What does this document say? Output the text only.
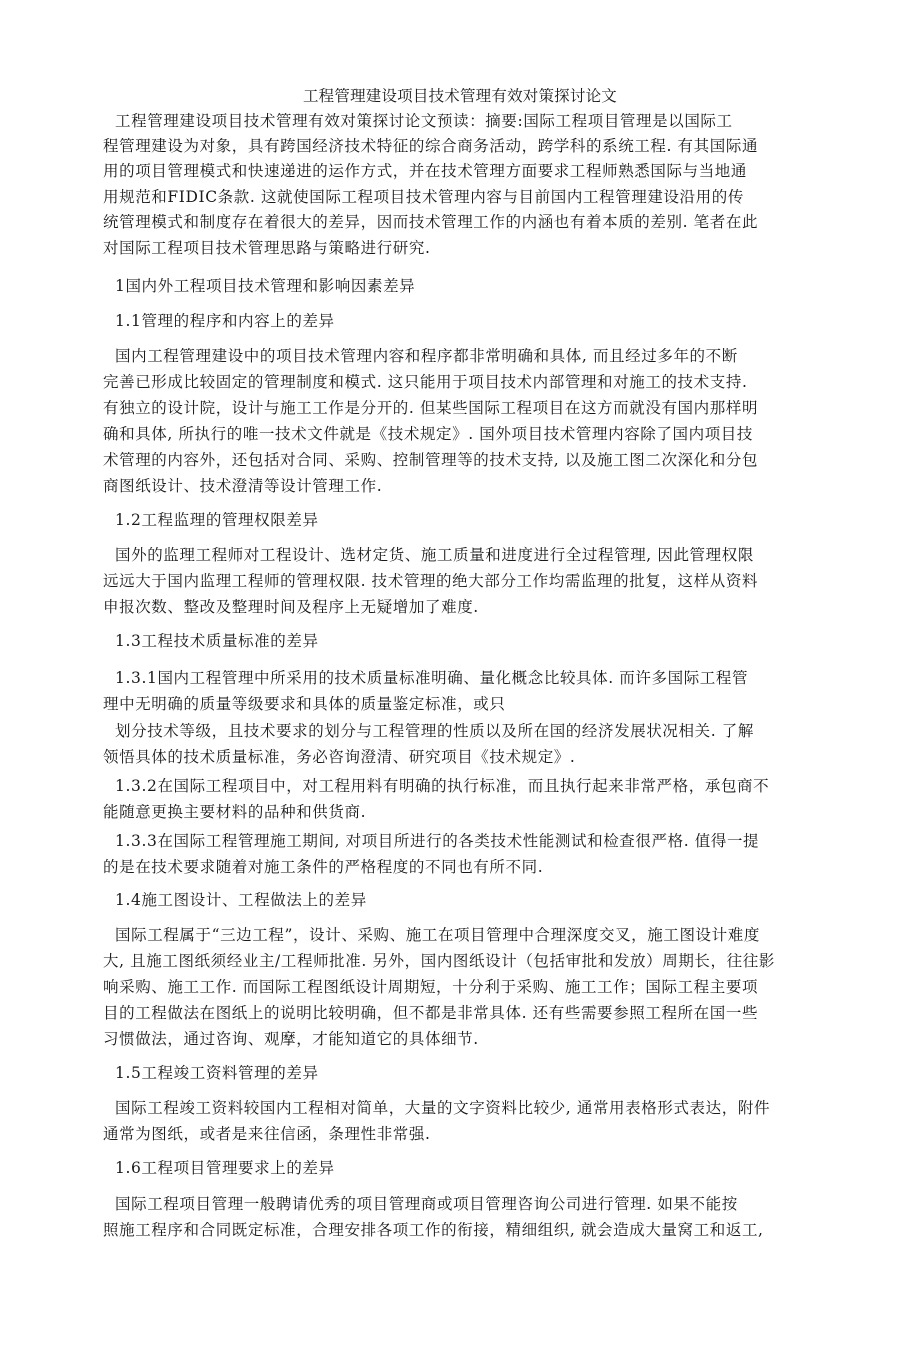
工程管理建设项目技术管理有效对策探讨论文
工程管理建设项目技术管理有效对策探讨论文预读：摘要:国际工程项目管理是以国际工
程管理建设为对象，具有跨国经济技术特征的综合商务活动，跨学科的系统工程. 有其国际通
用的项目管理模式和快速递进的运作方式，并在技术管理方面要求工程师熟悉国际与当地通
用规范和FIDIC条款. 这就使国际工程项目技术管理内容与目前国内工程管理建设沿用的传
统管理模式和制度存在着很大的差异，因而技术管理工作的内涵也有着本质的差别. 笔者在此
对国际工程项目技术管理思路与策略进行研究.
1国内外工程项目技术管理和影响因素差异
1.1管理的程序和内容上的差异
国内工程管理建设中的项目技术管理内容和程序都非常明确和具体, 而且经过多年的不断
完善已形成比较固定的管理制度和模式. 这只能用于项目技术内部管理和对施工的技术支持.
有独立的设计院，设计与施工工作是分开的. 但某些国际工程项目在这方而就没有国内那样明
确和具体, 所执行的唯一技术文件就是《技术规定》. 国外项目技术管理内容除了国内项目技
术管理的内容外，还包括对合同、采购、控制管理等的技术支持, 以及施工图二次深化和分包
商图纸设计、技术澄清等设计管理工作.
1.2工程监理的管理权限差异
国外的监理工程师对工程设计、选材定货、施工质量和进度进行全过程管理, 因此管理权限
远远大于国内监理工程师的管理权限. 技术管理的绝大部分工作均需监理的批复，这样从资料
申报次数、整改及整理时间及程序上无疑增加了难度.
1.3工程技术质量标准的差异
1.3.1国内工程管理中所采用的技术质量标准明确、量化概念比较具体. 而许多国际工程管
理中无明确的质量等级要求和具体的质量鉴定标准，或只
划分技术等级，且技术要求的划分与工程管理的性质以及所在国的经济发展状况相关. 了解
领悟具体的技术质量标准，务必咨询澄清、研究项目《技术规定》.
1.3.2在国际工程项目中，对工程用料有明确的执行标准，而且执行起来非常严格，承包商不
能随意更换主要材料的品种和供货商.
1.3.3在国际工程管理施工期间, 对项目所进行的各类技术性能测试和检查很严格. 值得一提
的是在技术要求随着对施工条件的严格程度的不同也有所不同.
1.4施工图设计、工程做法上的差异
国际工程属于“三边工程”，设计、采购、施工在项目管理中合理深度交叉，施工图设计难度
大, 且施工图纸须经业主/工程师批准. 另外，国内图纸设计（包括审批和发放）周期长，往往影
响采购、施工工作. 而国际工程图纸设计周期短，十分利于采购、施工工作；国际工程主要项
目的工程做法在图纸上的说明比较明确，但不都是非常具体. 还有些需要参照工程所在国一些
习惯做法，通过咨询、观摩，才能知道它的具体细节.
1.5工程竣工资料管理的差异
国际工程竣工资料较国内工程相对简单，大量的文字资料比较少, 通常用表格形式表达，附件
通常为图纸，或者是来往信函，条理性非常强.
1.6工程项目管理要求上的差异
国际工程项目管理一般聘请优秀的项目管理商或项目管理咨询公司进行管理. 如果不能按
照施工程序和合同既定标准，合理安排各项工作的衔接，精细组织, 就会造成大量窝工和返工,
